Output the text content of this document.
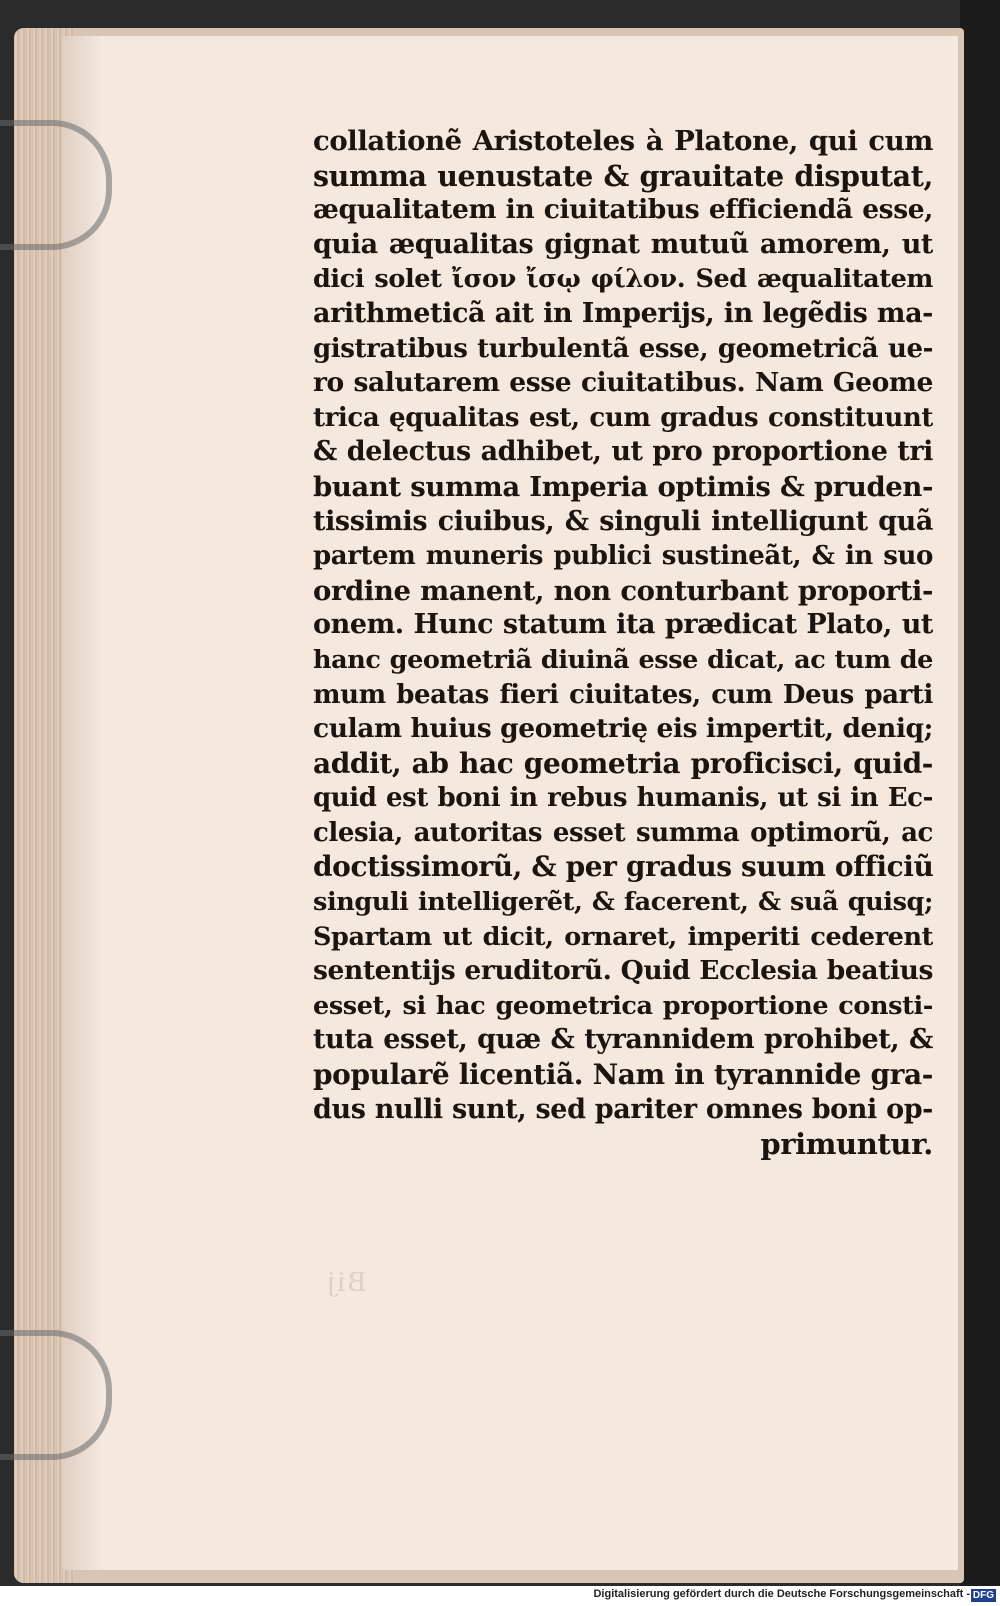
Bij
collationẽ Aristoteles à Platone, qui cum
summa uenustate & grauitate disputat,
æqualitatem in ciuitatibus efficiendã esse,
quia æqualitas gignat mutuũ amorem, ut
dici solet ἴσον ἴσῳ φίλον. Sed æqualitatem
arithmeticã ait in Imperijs, in legẽdis ma-
gistratibus turbulentã esse, geometricã ue-
ro salutarem esse ciuitatibus. Nam Geome
trica ęqualitas est, cum gradus constituunt
& delectus adhibet, ut pro proportione tri
buant summa Imperia optimis & pruden-
tissimis ciuibus, & singuli intelligunt quã
partem muneris publici sustineãt, & in suo
ordine manent, non conturbant proporti-
onem. Hunc statum ita prædicat Plato, ut
hanc geometriã diuinã esse dicat, ac tum de
mum beatas fieri ciuitates, cum Deus parti
culam huius geometrię eis impertit, deniq;
addit, ab hac geometria proficisci, quid-
quid est boni in rebus humanis, ut si in Ec-
clesia, autoritas esset summa optimorũ, ac
doctissimorũ, & per gradus suum officiũ
singuli intelligerẽt, & facerent, & suã quisq;
Spartam ut dicit, ornaret, imperiti cederent
sententijs eruditorũ. Quid Ecclesia beatius
esset, si hac geometrica proportione consti-
tuta esset, quæ & tyrannidem prohibet, &
popularẽ licentiã. Nam in tyrannide gra-
dus nulli sunt, sed pariter omnes boni op-
primuntur.
Digitalisierung gefördert durch die Deutsche Forschungsgemeinschaft - DFG
